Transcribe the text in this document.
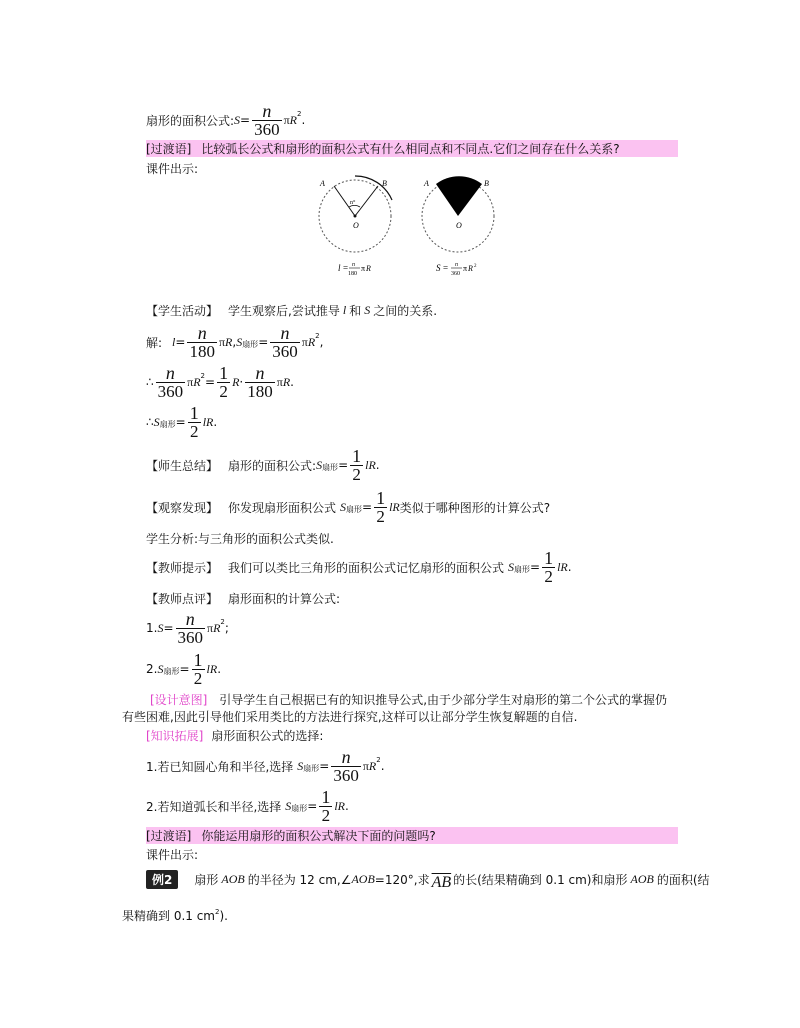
扇形的面积公式: $S = \frac{n}{360}$ π R 2 .
[过渡语] 比较弧长公式和扇形的面积公式有什么相同点和不同点.它们之间存在什么关系?
课件出示:
A	B
O
n°
A	B
O
l = n
180
π R	S = n
360
π R 2
【学生活动】 学生观察后,尝试推导 l 和 S 之间的关系.
解: $l = \frac{n}{180}$ π R , S 扇形 = $\frac{n}{360}$ π R 2 ,
∴ $\frac{n}{360}$ π R $2 = \frac{1}{2}$ $R \cdot \frac{n}{180}$ π R .
∴ S 扇形 = $\frac{1}{2}$ lR .
【师生总结】 扇形的面积公式: S 扇形 = $\frac{1}{2}$ lR .
【观察发现】 你发现扇形面积公式 S 扇形 = $\frac{1}{2}$ lR 类似于哪种图形的计算公式?
学生分析:与三角形的面积公式类似.
【教师提示】 我们可以类比三角形的面积公式记忆扇形的面积公式 S 扇形 = $\frac{1}{2}$ lR .
【教师点评】 扇形面积的计算公式:
1. $S = \frac{n}{360}$ π R 2 ;
2. S 扇形 = $\frac{1}{2}$ lR .
[设计意图] 引导学生自己根据已有的知识推导公式,由于少部分学生对扇形的第二个公式的掌握仍
有些困难,因此引导他们采用类比的方法进行探究,这样可以让部分学生恢复解题的自信.
[知识拓展] 扇形面积公式的选择:
1.若已知圆心角和半径,选择 S 扇形 = $\frac{n}{360}$ π R 2 .
2.若知道弧长和半径,选择 S 扇形 = $\frac{1}{2}$ lR .
[过渡语] 你能运用扇形的面积公式解决下面的问题吗?
课件出示:
例2	扇形 AOB 的半径为 12 cm,∠ AOB =120°,求 $\overline{AB}$ 的长(结果精确到 0.1 cm)和扇形 AOB 的面积(结
果精确到 0.1 $cm^2$).
